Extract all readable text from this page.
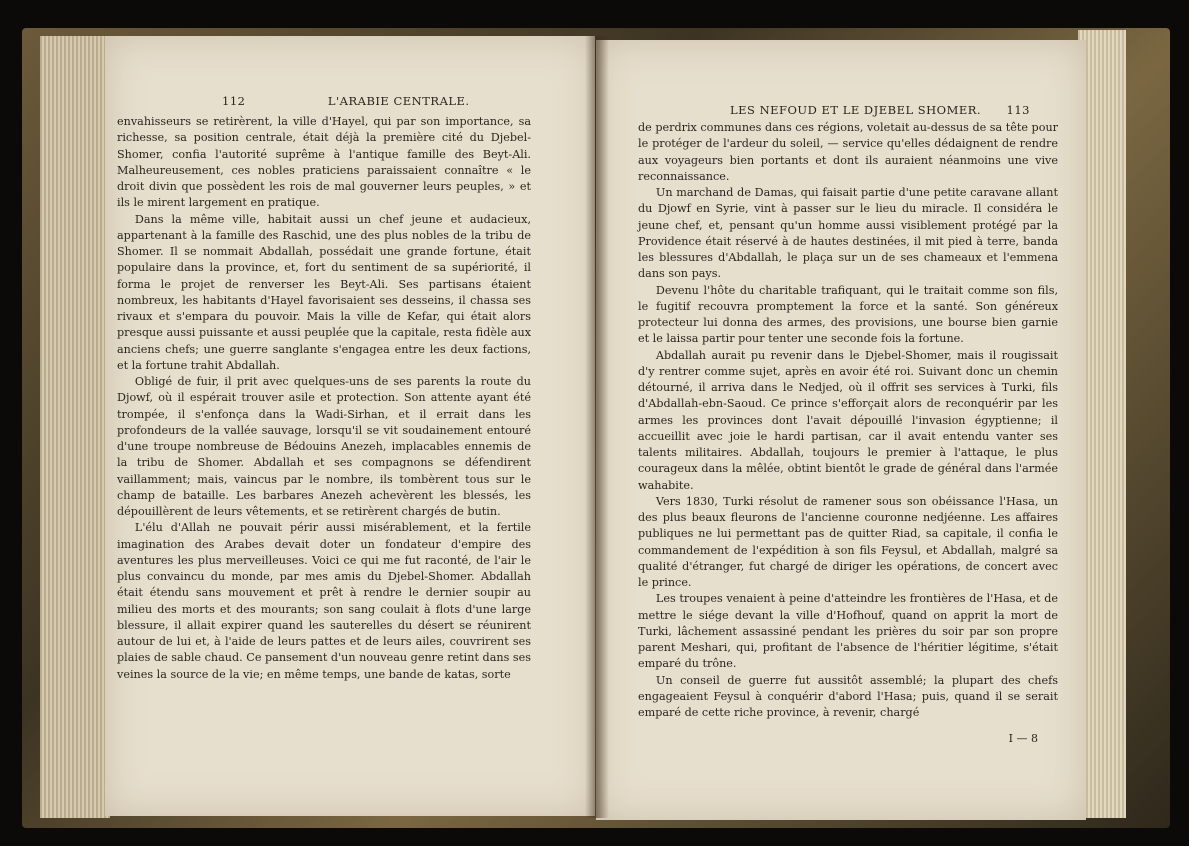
112	L'ARABIE CENTRALE.

envahisseurs se retirèrent, la ville d'Hayel, qui par son importance, sa richesse, sa position centrale, était déjà la première cité du Djebel-Shomer, confia l'autorité suprême à l'antique famille des Beyt-Ali. Malheureusement, ces nobles praticiens paraissaient connaître « le droit divin que possèdent les rois de mal gouverner leurs peuples, » et ils le mirent largement en pratique.

Dans la même ville, habitait aussi un chef jeune et audacieux, appartenant à la famille des Raschid, une des plus nobles de la tribu de Shomer. Il se nommait Abdallah, possédait une grande fortune, était populaire dans la province, et, fort du sentiment de sa supériorité, il forma le projet de renverser les Beyt-Ali. Ses partisans étaient nombreux, les habitants d'Hayel favorisaient ses desseins, il chassa ses rivaux et s'empara du pouvoir. Mais la ville de Kefar, qui était alors presque aussi puissante et aussi peuplée que la capitale, resta fidèle aux anciens chefs; une guerre sanglante s'engagea entre les deux factions, et la fortune trahit Abdallah.

Obligé de fuir, il prit avec quelques-uns de ses parents la route du Djowf, où il espérait trouver asile et protection. Son attente ayant été trompée, il s'enfonça dans la Wadi-Sirhan, et il errait dans les profondeurs de la vallée sauvage, lorsqu'il se vit soudainement entouré d'une troupe nombreuse de Bédouins Anezeh, implacables ennemis de la tribu de Shomer. Abdallah et ses compagnons se défendirent vaillamment; mais, vaincus par le nombre, ils tombèrent tous sur le champ de bataille. Les barbares Anezeh achevèrent les blessés, les dépouillèrent de leurs vêtements, et se retirèrent chargés de butin.

L'élu d'Allah ne pouvait périr aussi misérablement, et la fertile imagination des Arabes devait doter un fondateur d'empire des aventures les plus merveilleuses. Voici ce qui me fut raconté, de l'air le plus convaincu du monde, par mes amis du Djebel-Shomer. Abdallah était étendu sans mouvement et prêt à rendre le dernier soupir au milieu des morts et des mourants; son sang coulait à flots d'une large blessure, il allait expirer quand les sauterelles du désert se réunirent autour de lui et, à l'aide de leurs pattes et de leurs ailes, couvrirent ses plaies de sable chaud. Ce pansement d'un nouveau genre retint dans ses veines la source de la vie; en même temps, une bande de katas, sorte

LES NEFOUD ET LE DJEBEL SHOMER. 113

de perdrix communes dans ces régions, voletait au-dessus de sa tête pour le protéger de l'ardeur du soleil, — service qu'elles dédaignent de rendre aux voyageurs bien portants et dont ils auraient néanmoins une vive reconnaissance.

Un marchand de Damas, qui faisait partie d'une petite caravane allant du Djowf en Syrie, vint à passer sur le lieu du miracle. Il considéra le jeune chef, et, pensant qu'un homme aussi visiblement protégé par la Providence était réservé à de hautes destinées, il mit pied à terre, banda les blessures d'Abdallah, le plaça sur un de ses chameaux et l'emmena dans son pays.

Devenu l'hôte du charitable trafiquant, qui le traitait comme son fils, le fugitif recouvra promptement la force et la santé. Son généreux protecteur lui donna des armes, des provisions, une bourse bien garnie et le laissa partir pour tenter une seconde fois la fortune.

Abdallah aurait pu revenir dans le Djebel-Shomer, mais il rougissait d'y rentrer comme sujet, après en avoir été roi. Suivant donc un chemin détourné, il arriva dans le Nedjed, où il offrit ses services à Turki, fils d'Abdallah-ebn-Saoud. Ce prince s'efforçait alors de reconquérir par les armes les provinces dont l'avait dépouillé l'invasion égyptienne; il accueillit avec joie le hardi partisan, car il avait entendu vanter ses talents militaires. Abdallah, toujours le premier à l'attaque, le plus courageux dans la mêlée, obtint bientôt le grade de général dans l'armée wahabite.

Vers 1830, Turki résolut de ramener sous son obéissance l'Hasa, un des plus beaux fleurons de l'ancienne couronne nedjéenne. Les affaires publiques ne lui permettant pas de quitter Riad, sa capitale, il confia le commandement de l'expédition à son fils Feysul, et Abdallah, malgré sa qualité d'étranger, fut chargé de diriger les opérations, de concert avec le prince.

Les troupes venaient à peine d'atteindre les frontières de l'Hasa, et de mettre le siége devant la ville d'Hofhouf, quand on apprit la mort de Turki, lâchement assassiné pendant les prières du soir par son propre parent Meshari, qui, profitant de l'absence de l'héritier légitime, s'était emparé du trône.

Un conseil de guerre fut aussitôt assemblé; la plupart des chefs engageaient Feysul à conquérir d'abord l'Hasa; puis, quand il se serait emparé de cette riche province, à revenir, chargé

I — 8
